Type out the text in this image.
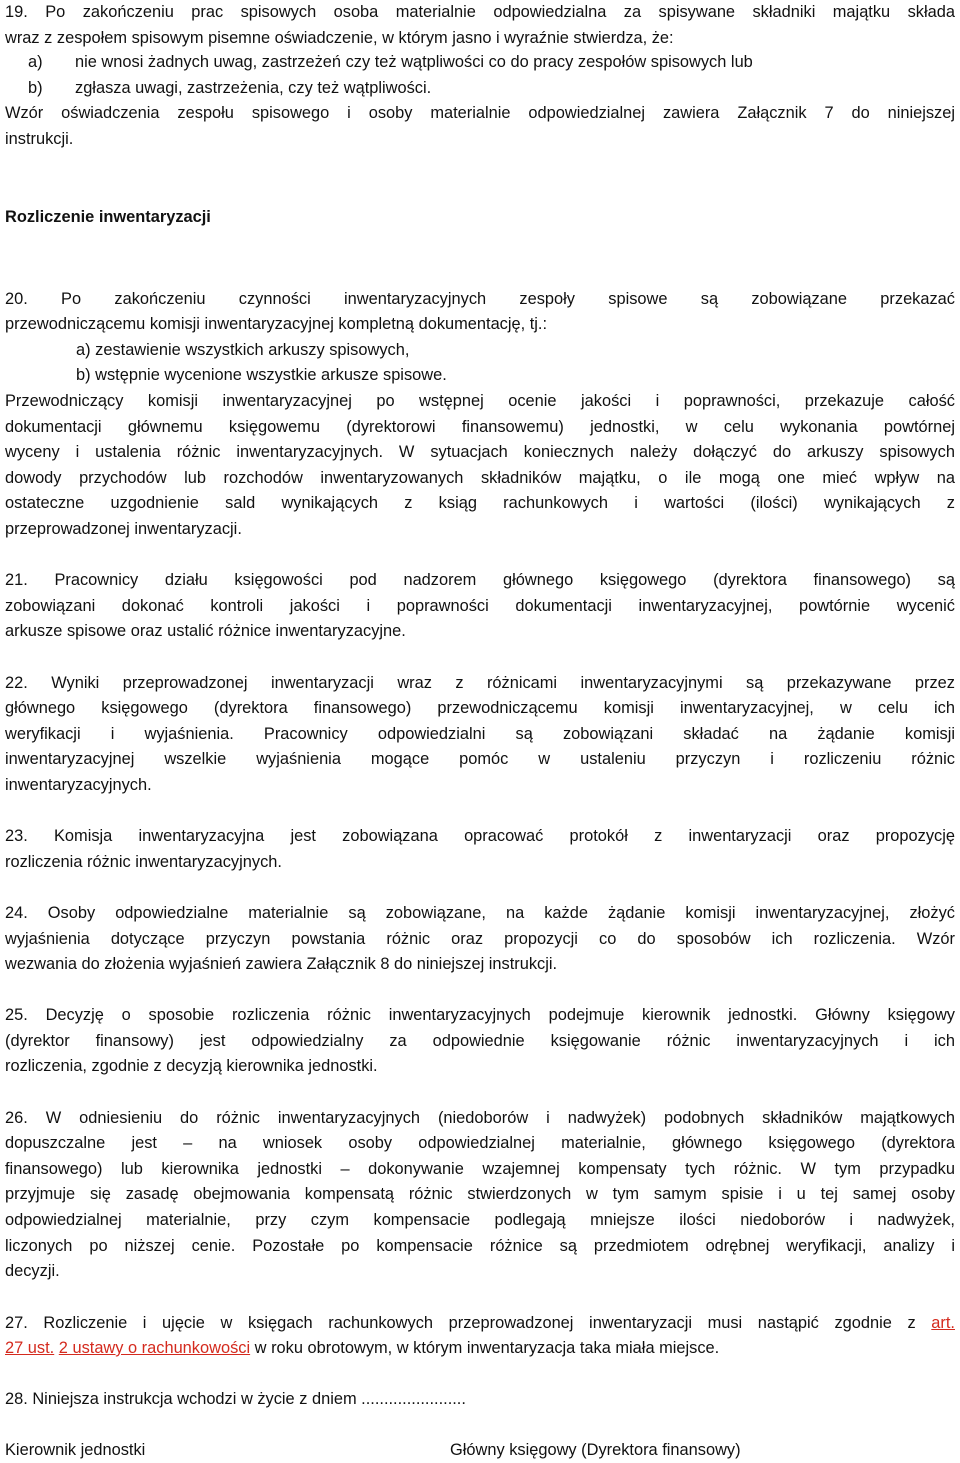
19. Po zakończeniu prac spisowych osoba materialnie odpowiedzialna za spisywane składniki majątku składa
wraz z zespołem spisowym pisemne oświadczenie, w którym jasno i wyraźnie stwierdza, że:
a) nie wnosi żadnych uwag, zastrzeżeń czy też wątpliwości co do pracy zespołów spisowych lub
b) zgłasza uwagi, zastrzeżenia, czy też wątpliwości.
Wzór oświadczenia zespołu spisowego i osoby materialnie odpowiedzialnej zawiera Załącznik 7 do niniejszej
instrukcji.
Rozliczenie inwentaryzacji
20. Po zakończeniu czynności inwentaryzacyjnych zespoły spisowe są zobowiązane przekazać
przewodniczącemu komisji inwentaryzacyjnej kompletną dokumentację, tj.:
a) zestawienie wszystkich arkuszy spisowych,
b) wstępnie wycenione wszystkie arkusze spisowe.
Przewodniczący komisji inwentaryzacyjnej po wstępnej ocenie jakości i poprawności, przekazuje całość
dokumentacji głównemu księgowemu (dyrektorowi finansowemu) jednostki, w celu wykonania powtórnej
wyceny i ustalenia różnic inwentaryzacyjnych. W sytuacjach koniecznych należy dołączyć do arkuszy spisowych
dowody przychodów lub rozchodów inwentaryzowanych składników majątku, o ile mogą one mieć wpływ na
ostateczne uzgodnienie sald wynikających z ksiąg rachunkowych i wartości (ilości) wynikających z
przeprowadzonej inwentaryzacji.
21. Pracownicy działu księgowości pod nadzorem głównego księgowego (dyrektora finansowego) są
zobowiązani dokonać kontroli jakości i poprawności dokumentacji inwentaryzacyjnej, powtórnie wycenić
arkusze spisowe oraz ustalić różnice inwentaryzacyjne.
22. Wyniki przeprowadzonej inwentaryzacji wraz z różnicami inwentaryzacyjnymi są przekazywane przez
głównego księgowego (dyrektora finansowego) przewodniczącemu komisji inwentaryzacyjnej, w celu ich
weryfikacji i wyjaśnienia. Pracownicy odpowiedzialni są zobowiązani składać na żądanie komisji
inwentaryzacyjnej wszelkie wyjaśnienia mogące pomóc w ustaleniu przyczyn i rozliczeniu różnic
inwentaryzacyjnych.
23. Komisja inwentaryzacyjna jest zobowiązana opracować protokół z inwentaryzacji oraz propozycję
rozliczenia różnic inwentaryzacyjnych.
24. Osoby odpowiedzialne materialnie są zobowiązane, na każde żądanie komisji inwentaryzacyjnej, złożyć
wyjaśnienia dotyczące przyczyn powstania różnic oraz propozycji co do sposobów ich rozliczenia. Wzór
wezwania do złożenia wyjaśnień zawiera Załącznik 8 do niniejszej instrukcji.
25. Decyzję o sposobie rozliczenia różnic inwentaryzacyjnych podejmuje kierownik jednostki. Główny księgowy
(dyrektor finansowy) jest odpowiedzialny za odpowiednie księgowanie różnic inwentaryzacyjnych i ich
rozliczenia, zgodnie z decyzją kierownika jednostki.
26. W odniesieniu do różnic inwentaryzacyjnych (niedoborów i nadwyżek) podobnych składników majątkowych
dopuszczalne jest – na wniosek osoby odpowiedzialnej materialnie, głównego księgowego (dyrektora
finansowego) lub kierownika jednostki – dokonywanie wzajemnej kompensaty tych różnic. W tym przypadku
przyjmuje się zasadę obejmowania kompensatą różnic stwierdzonych w tym samym spisie i u tej samej osoby
odpowiedzialnej materialnie, przy czym kompensacie podlegają mniejsze ilości niedoborów i nadwyżek,
liczonych po niższej cenie. Pozostałe po kompensacie różnice są przedmiotem odrębnej weryfikacji, analizy i
decyzji.
27. Rozliczenie i ujęcie w księgach rachunkowych przeprowadzonej inwentaryzacji musi nastąpić zgodnie z art.
27 ust. 2 ustawy o rachunkowości w roku obrotowym, w którym inwentaryzacja taka miała miejsce.
28. Niniejsza instrukcja wchodzi w życie z dniem .......................
Kierownik jednostki	Główny księgowy (Dyrektora finansowy)
